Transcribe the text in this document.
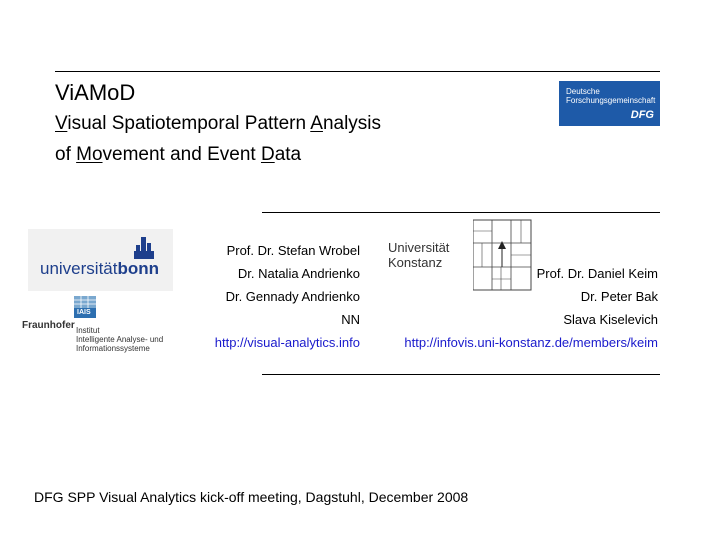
ViAMoD
Visual Spatiotemporal Pattern Analysis
of Movement and Event Data
Deutsche
Forschungsgemeinschaft
DFG
universitätbonn
IAIS
Fraunhofer Institut
Intelligente Analyse- und
Informationssysteme
Prof. Dr. Stefan Wrobel
Dr. Natalia Andrienko
Dr. Gennady Andrienko
NN
http://visual-analytics.info
Universität
Konstanz
Prof. Dr. Daniel Keim
Dr. Peter Bak
Slava Kiselevich
http://infovis.uni-konstanz.de/members/keim
DFG SPP Visual Analytics kick-off meeting, Dagstuhl, December 2008
